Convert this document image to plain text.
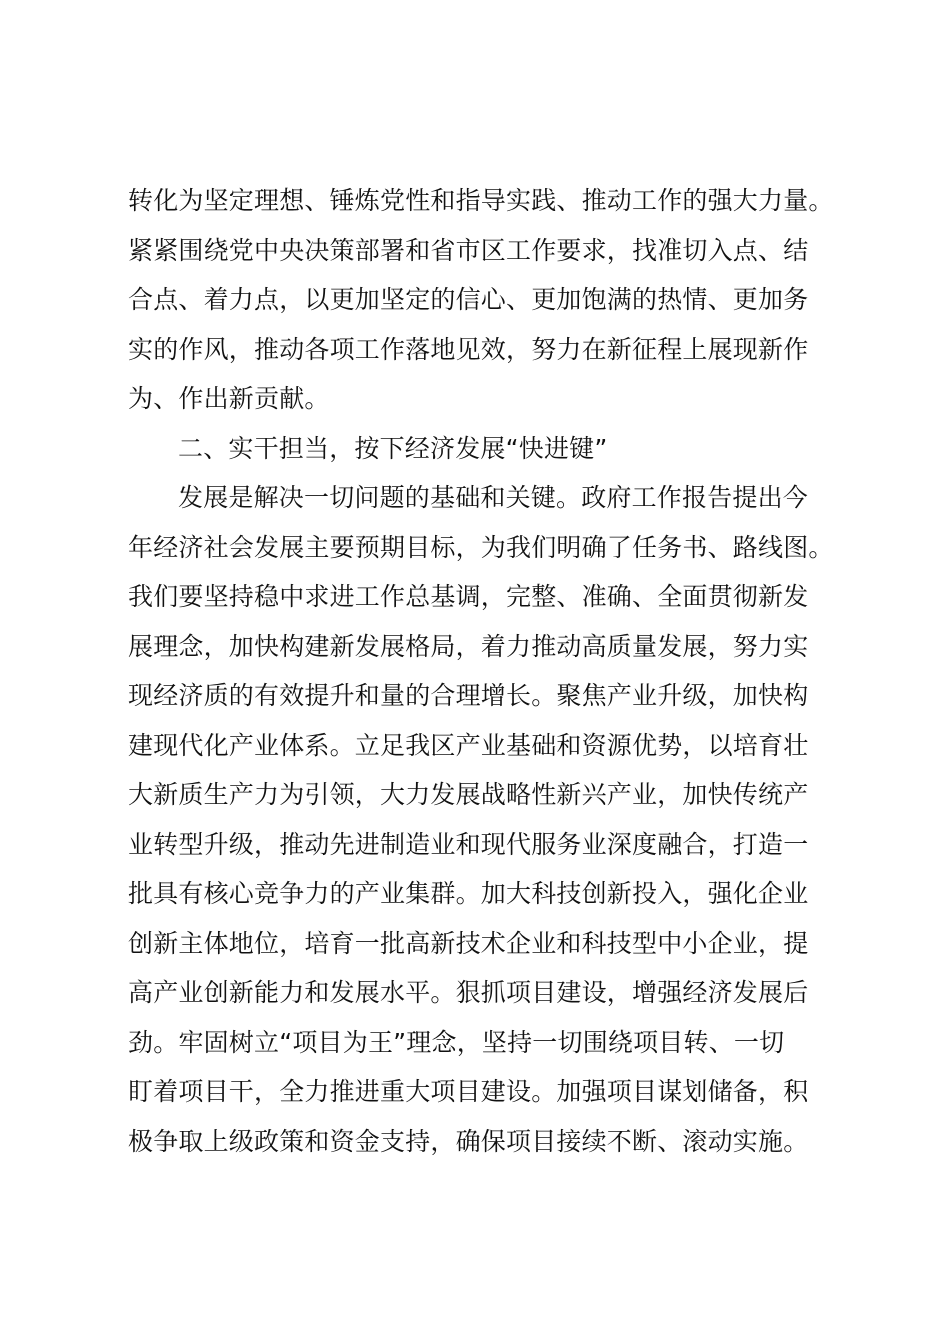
转化为坚定理想、锤炼党性和指导实践、推动工作的强大力量。
紧紧围绕党中央决策部署和省市区工作要求，找准切入点、结
合点、着力点，以更加坚定的信心、更加饱满的热情、更加务
实的作风，推动各项工作落地见效，努力在新征程上展现新作
为、作出新贡献。
二、实干担当，按下经济发展“快进键”
发展是解决一切问题的基础和关键。政府工作报告提出今
年经济社会发展主要预期目标，为我们明确了任务书、路线图。
我们要坚持稳中求进工作总基调，完整、准确、全面贯彻新发
展理念，加快构建新发展格局，着力推动高质量发展，努力实
现经济质的有效提升和量的合理增长。聚焦产业升级，加快构
建现代化产业体系。立足我区产业基础和资源优势，以培育壮
大新质生产力为引领，大力发展战略性新兴产业，加快传统产
业转型升级，推动先进制造业和现代服务业深度融合，打造一
批具有核心竞争力的产业集群。加大科技创新投入，强化企业
创新主体地位，培育一批高新技术企业和科技型中小企业，提
高产业创新能力和发展水平。狠抓项目建设，增强经济发展后
劲。牢固树立“项目为王”理念，坚持一切围绕项目转、一切
盯着项目干，全力推进重大项目建设。加强项目谋划储备，积
极争取上级政策和资金支持，确保项目接续不断、滚动实施。
